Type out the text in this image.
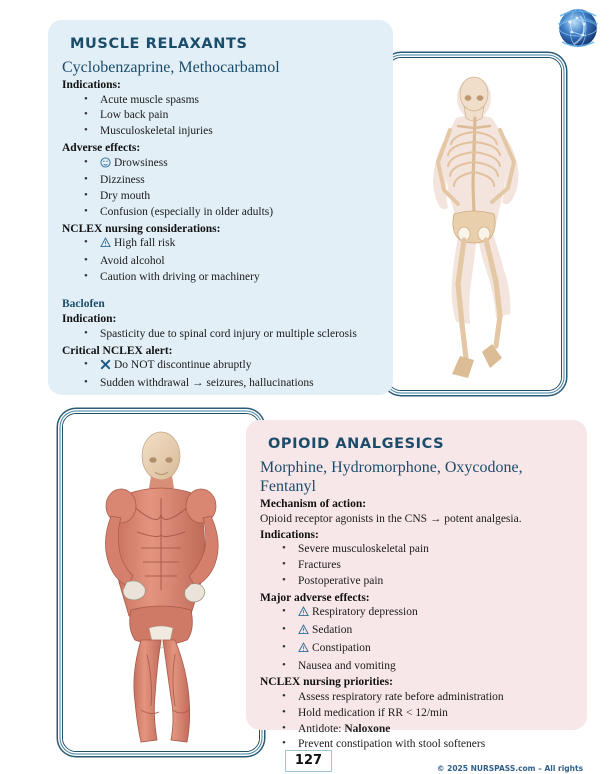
MUSCLE RELAXANTS

Cyclobenzaprine, Methocarbamol

Indications:

• Acute muscle spasms
• Low back pain
• Musculoskeletal injuries

Adverse effects:

• Drowsiness
• Dizziness
• Dry mouth
• Confusion (especially in older adults)

NCLEX nursing considerations:

• High fall risk
• Avoid alcohol
• Caution with driving or machinery

Baclofen

Indication:

• Spasticity due to spinal cord injury or multiple sclerosis

Critical NCLEX alert:

• Do NOT discontinue abruptly
• Sudden withdrawal → seizures, hallucinations
OPIOID ANALGESICS

Morphine, Hydromorphone, Oxycodone, Fentanyl

Mechanism of action:

Opioid receptor agonists in the CNS → potent analgesia.

Indications:

• Severe musculoskeletal pain
• Fractures
• Postoperative pain

Major adverse effects:

• Respiratory depression
• Sedation
• Constipation
• Nausea and vomiting

NCLEX nursing priorities:

• Assess respiratory rate before administration
• Hold medication if RR < 12/min
• Antidote: Naloxone
• Prevent constipation with stool softeners
127
© 2025 NURSPASS.com – All rights
